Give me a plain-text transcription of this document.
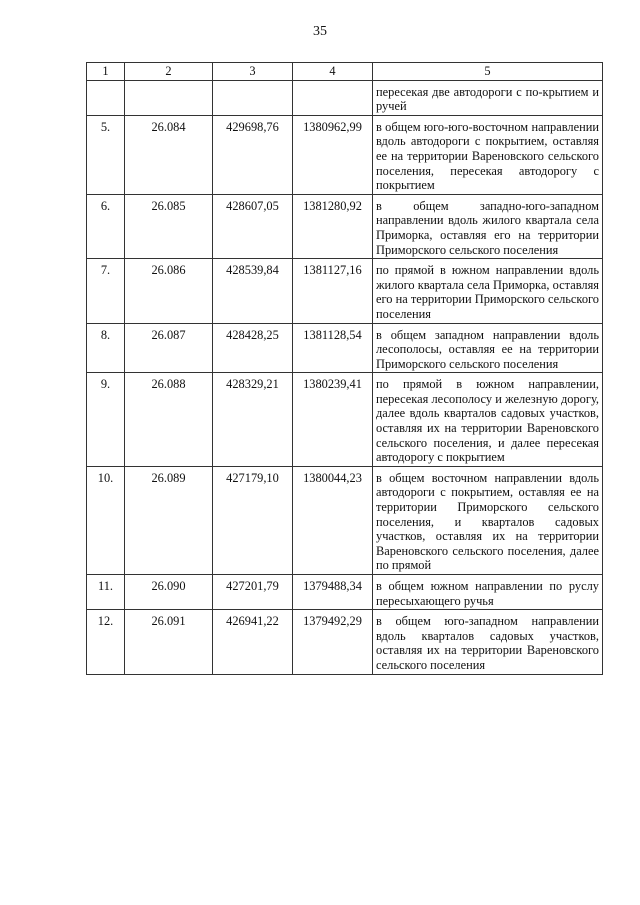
35
1	2	3	4	5
				пересекая две автодороги с по-крытием и ручей
5.	26.084	429698,76	1380962,99	в общем юго-юго-восточном направлении вдоль автодороги с покрытием, оставляя ее на территории Вареновского сельского поселения, пересекая автодорогу с покрытием
6.	26.085	428607,05	1381280,92	в общем западно-юго-западном направлении вдоль жилого квартала села Приморка, оставляя его на территории Приморского сельского поселения
7.	26.086	428539,84	1381127,16	по прямой в южном направлении вдоль жилого квартала села Приморка, оставляя его на территории Приморского сельского поселения
8.	26.087	428428,25	1381128,54	в общем западном направлении вдоль лесополосы, оставляя ее на территории Приморского сельского поселения
9.	26.088	428329,21	1380239,41	по прямой в южном направлении, пересекая лесополосу и железную дорогу, далее вдоль кварталов садовых участков, оставляя их на территории Вареновского сельского поселения, и далее пересекая автодорогу с покрытием
10.	26.089	427179,10	1380044,23	в общем восточном направлении вдоль автодороги с покрытием, оставляя ее на территории Приморского сельского поселения, и кварталов садовых участков, оставляя их на территории Вареновского сельского поселения, далее по прямой
11.	26.090	427201,79	1379488,34	в общем южном направлении по руслу пересыхающего ручья
12.	26.091	426941,22	1379492,29	в общем юго-западном направлении вдоль кварталов садовых участков, оставляя их на территории Вареновского сельского поселения
